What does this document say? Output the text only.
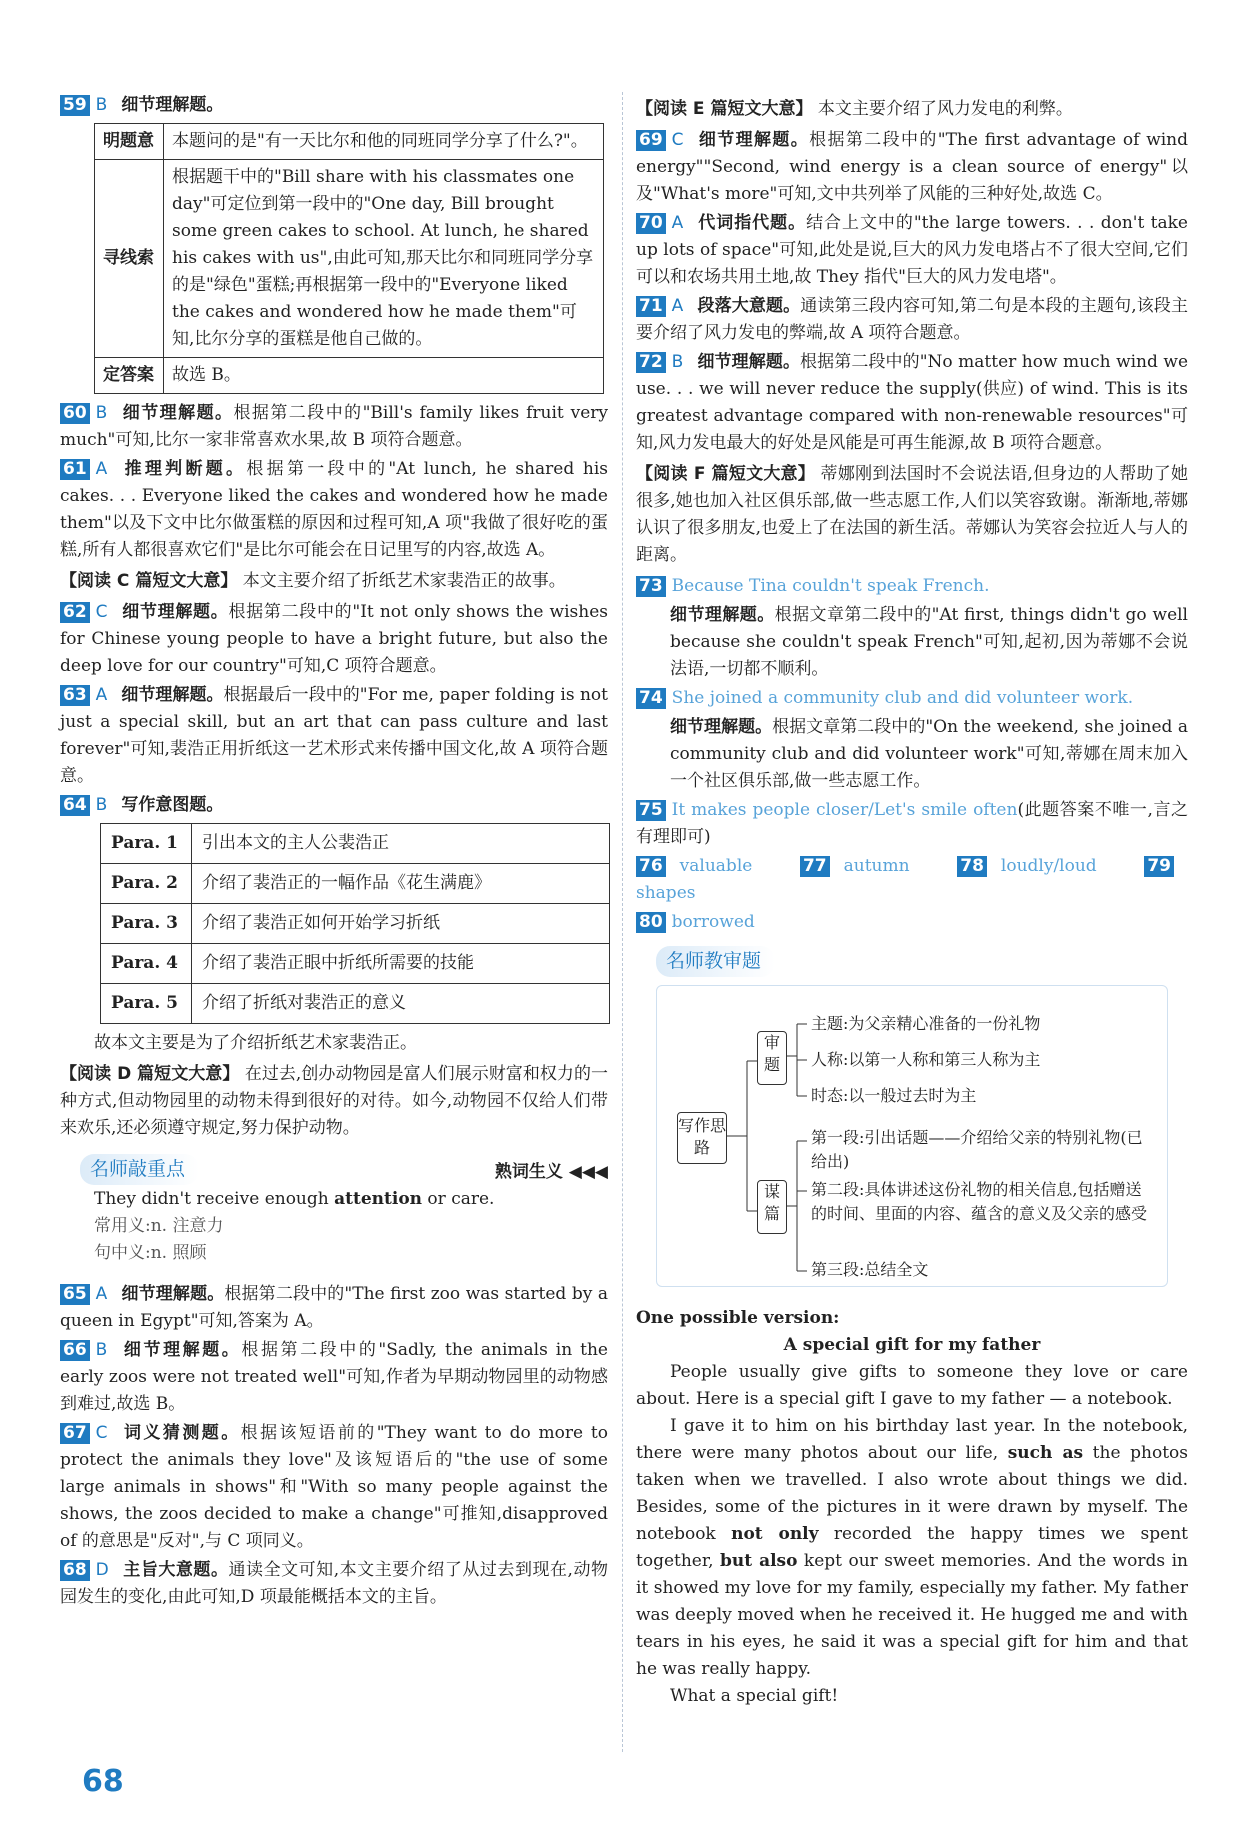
59 B 细节理解题。
明题意	本题问的是"有一天比尔和他的同班同学分享了什么?"。
寻线索	根据题干中的"Bill share with his classmates one day"可定位到第一段中的"One day, Bill brought some green cakes to school. At lunch, he shared his cakes with us",由此可知,那天比尔和同班同学分享的是"绿色"蛋糕;再根据第一段中的"Everyone liked the cakes and wondered how he made them"可知,比尔分享的蛋糕是他自己做的。
定答案	故选 B。
60 B 细节理解题。根据第二段中的"Bill's family likes fruit very much"可知,比尔一家非常喜欢水果,故 B 项符合题意。
61 A 推理判断题。根据第一段中的"At lunch, he shared his cakes. . . Everyone liked the cakes and wondered how he made them"以及下文中比尔做蛋糕的原因和过程可知,A 项"我做了很好吃的蛋糕,所有人都很喜欢它们"是比尔可能会在日记里写的内容,故选 A。
【阅读 C 篇短文大意】 本文主要介绍了折纸艺术家裴浩正的故事。
62 C 细节理解题。根据第二段中的"It not only shows the wishes for Chinese young people to have a bright future, but also the deep love for our country"可知,C 项符合题意。
63 A 细节理解题。根据最后一段中的"For me, paper folding is not just a special skill, but an art that can pass culture and last forever"可知,裴浩正用折纸这一艺术形式来传播中国文化,故 A 项符合题意。
64 B 写作意图题。
Para. 1	引出本文的主人公裴浩正
Para. 2	介绍了裴浩正的一幅作品《花生满鹿》
Para. 3	介绍了裴浩正如何开始学习折纸
Para. 4	介绍了裴浩正眼中折纸所需要的技能
Para. 5	介绍了折纸对裴浩正的意义
故本文主要是为了介绍折纸艺术家裴浩正。
【阅读 D 篇短文大意】 在过去,创办动物园是富人们展示财富和权力的一种方式,但动物园里的动物未得到很好的对待。如今,动物园不仅给人们带来欢乐,还必须遵守规定,努力保护动物。
名师敲重点	熟词生义 ◀◀◀
They didn't receive enough attention or care.
常用义:n. 注意力
句中义:n. 照顾
65 A 细节理解题。根据第二段中的"The first zoo was started by a queen in Egypt"可知,答案为 A。
66 B 细节理解题。根据第二段中的"Sadly, the animals in the early zoos were not treated well"可知,作者为早期动物园里的动物感到难过,故选 B。
67 C 词义猜测题。根据该短语前的"They want to do more to protect the animals they love"及该短语后的"the use of some large animals in shows"和"With so many people against the shows, the zoos decided to make a change"可推知,disapproved of 的意思是"反对",与 C 项同义。
68 D 主旨大意题。通读全文可知,本文主要介绍了从过去到现在,动物园发生的变化,由此可知,D 项最能概括本文的主旨。
【阅读 E 篇短文大意】 本文主要介绍了风力发电的利弊。
69 C 细节理解题。根据第二段中的"The first advantage of wind energy""Second, wind energy is a clean source of energy"以及"What's more"可知,文中共列举了风能的三种好处,故选 C。
70 A 代词指代题。结合上文中的"the large towers. . . don't take up lots of space"可知,此处是说,巨大的风力发电塔占不了很大空间,它们可以和农场共用土地,故 They 指代"巨大的风力发电塔"。
71 A 段落大意题。通读第三段内容可知,第二句是本段的主题句,该段主要介绍了风力发电的弊端,故 A 项符合题意。
72 B 细节理解题。根据第二段中的"No matter how much wind we use. . . we will never reduce the supply(供应) of wind. This is its greatest advantage compared with non-renewable resources"可知,风力发电最大的好处是风能是可再生能源,故 B 项符合题意。
【阅读 F 篇短文大意】 蒂娜刚到法国时不会说法语,但身边的人帮助了她很多,她也加入社区俱乐部,做一些志愿工作,人们以笑容致谢。渐渐地,蒂娜认识了很多朋友,也爱上了在法国的新生活。蒂娜认为笑容会拉近人与人的距离。
73 Because Tina couldn't speak French.
细节理解题。根据文章第二段中的"At first, things didn't go well because she couldn't speak French"可知,起初,因为蒂娜不会说法语,一切都不顺利。
74 She joined a community club and did volunteer work.
细节理解题。根据文章第二段中的"On the weekend, she joined a community club and did volunteer work"可知,蒂娜在周末加入一个社区俱乐部,做一些志愿工作。
75 It makes people closer/Let's smile often(此题答案不唯一,言之有理即可)
76 valuable	77 autumn	78 loudly/loud	79shapes
80 borrowed
名师教审题
写作思路
审题
谋篇
主题:为父亲精心准备的一份礼物
人称:以第一人称和第三人称为主
时态:以一般过去时为主
第一段:引出话题——介绍给父亲的特别礼物(已给出)
第二段:具体讲述这份礼物的相关信息,包括赠送的时间、里面的内容、蕴含的意义及父亲的感受
第三段:总结全文
One possible version:
A special gift for my father

People usually give gifts to someone they love or care about. Here is a special gift I gave to my father — a notebook.

I gave it to him on his birthday last year. In the notebook, there were many photos about our life, such as the photos taken when we travelled. I also wrote about things we did. Besides, some of the pictures in it were drawn by myself. The notebook not only recorded the happy times we spent together, but also kept our sweet memories. And the words in it showed my love for my family, especially my father. My father was deeply moved when he received it. He hugged me and with tears in his eyes, he said it was a special gift for him and that he was really happy.

What a special gift!

68
